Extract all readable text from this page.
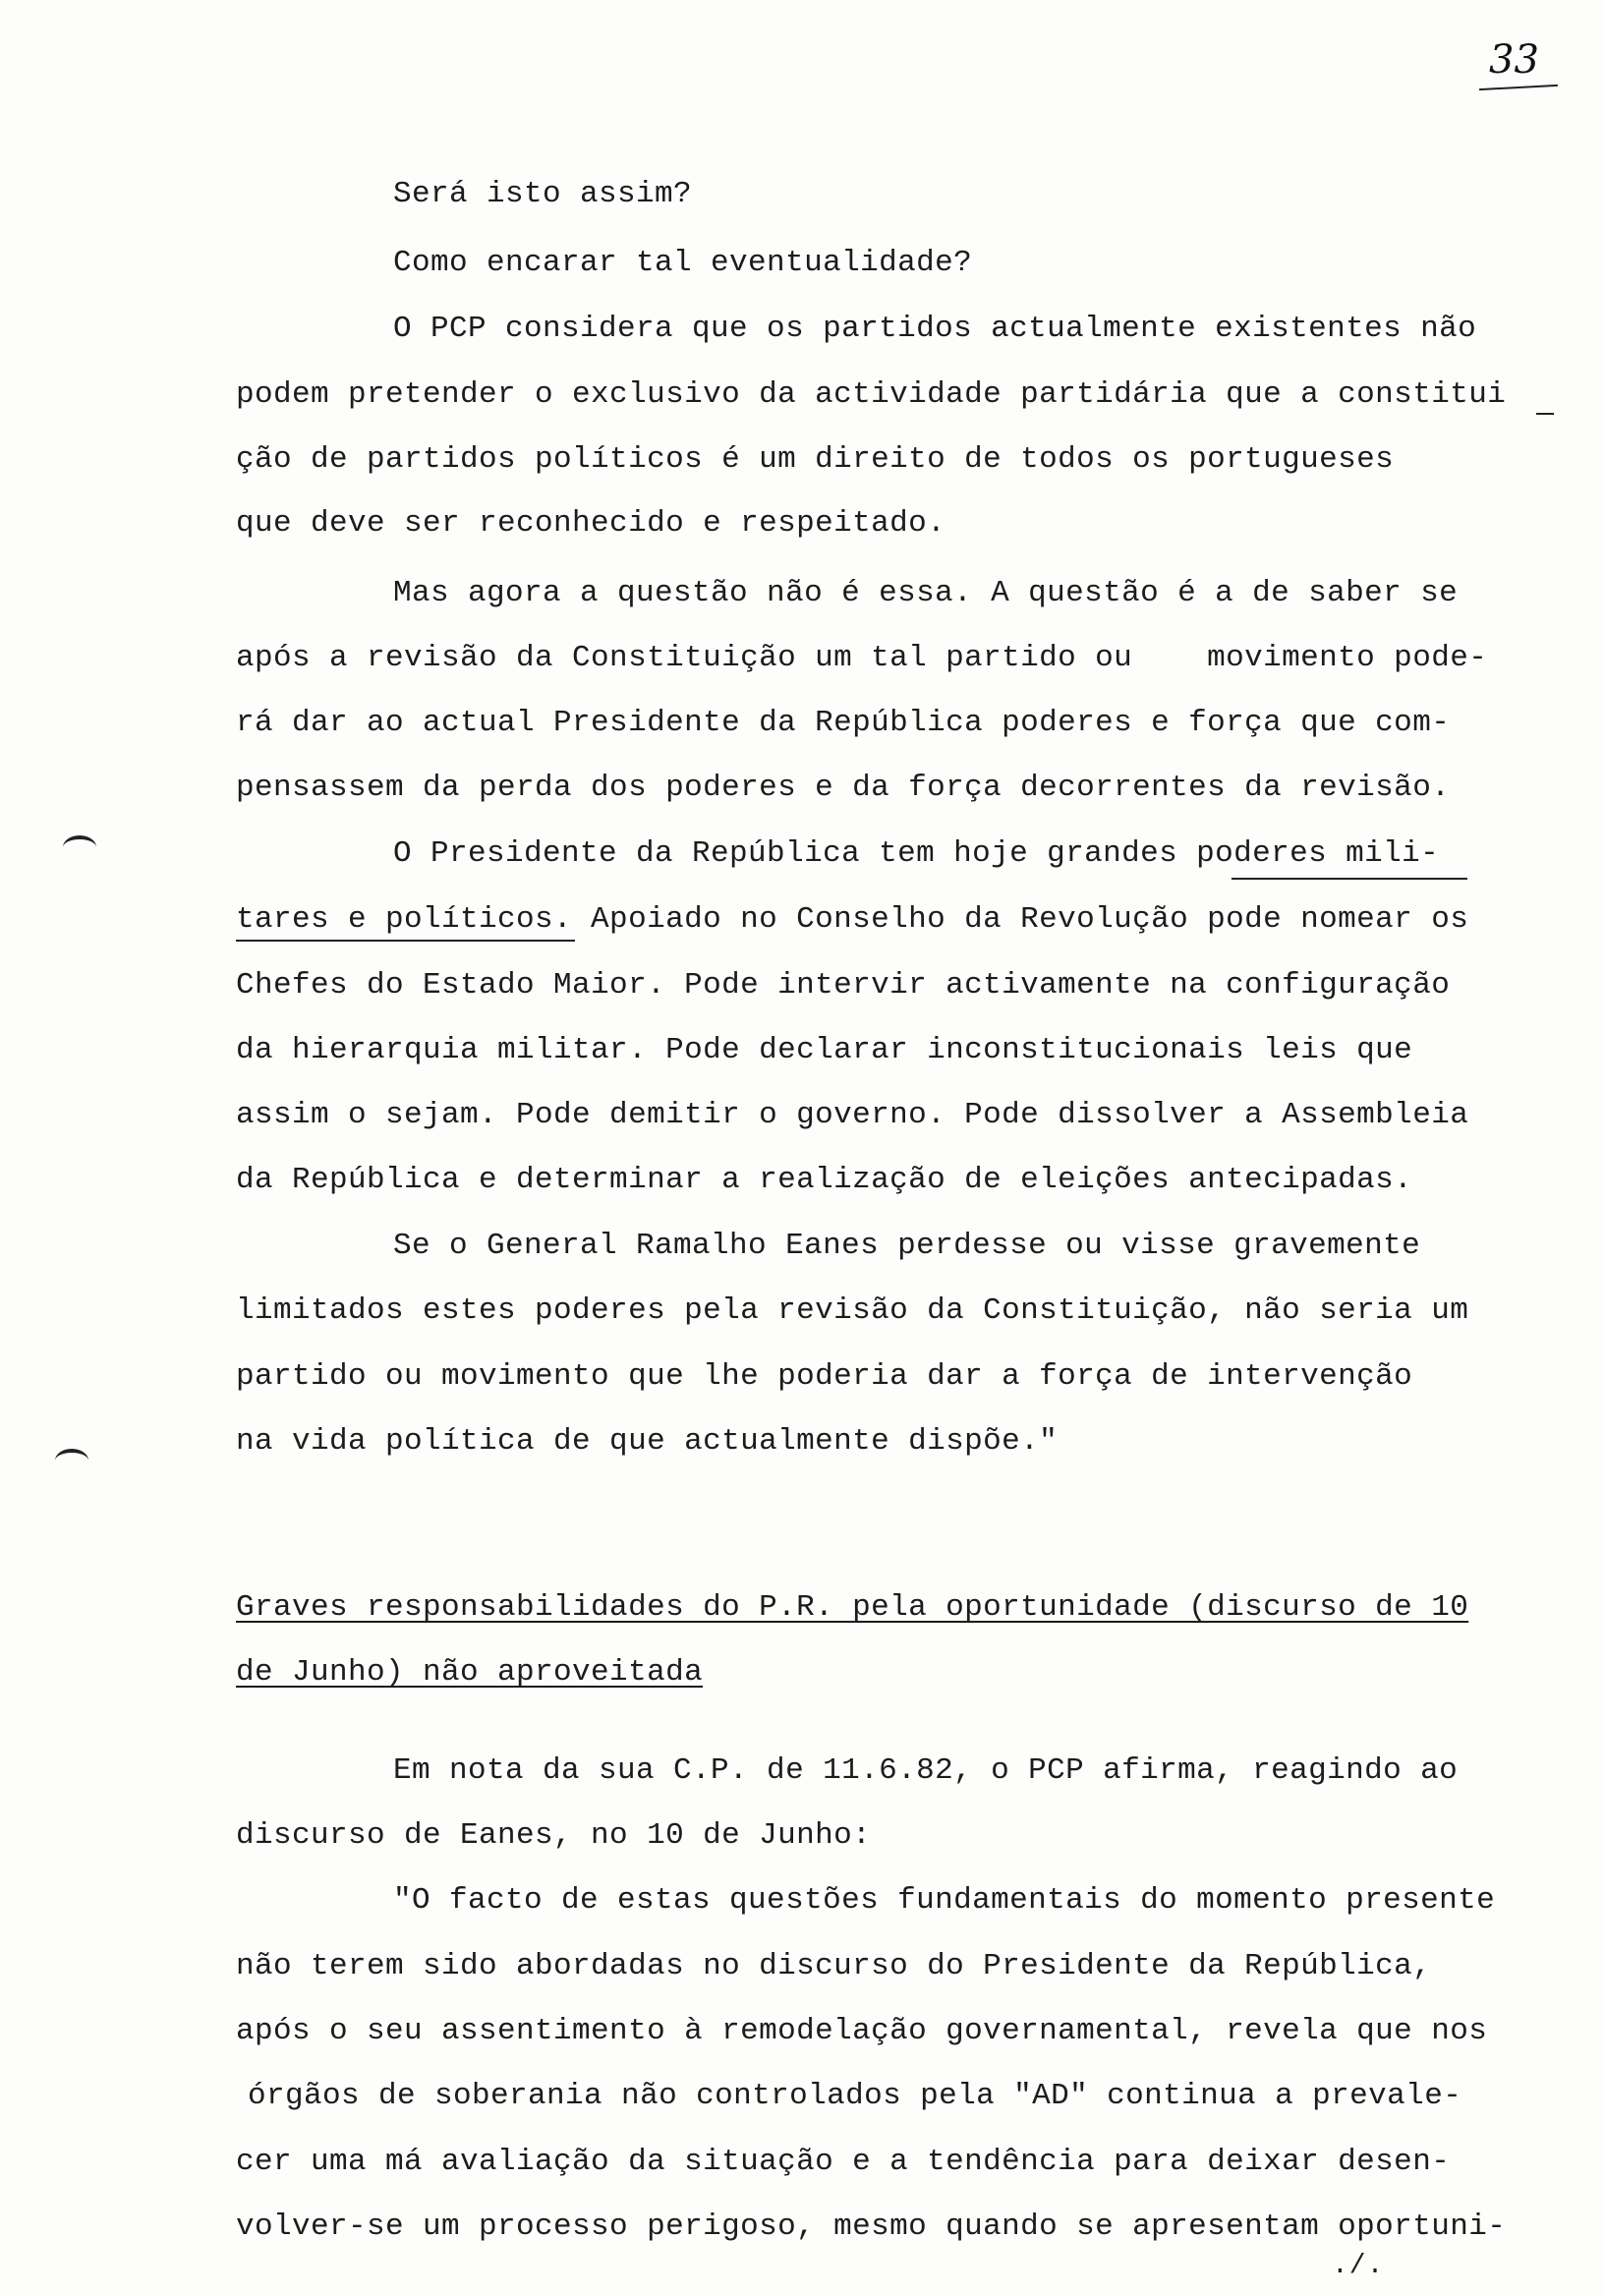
33
Será isto assim?
Como encarar tal eventualidade?
O PCP considera que os partidos actualmente existentes não
podem pretender o exclusivo da actividade partidária que a constitui
ção de partidos políticos é um direito de todos os portugueses
que deve ser reconhecido e respeitado.
Mas agora a questão não é essa. A questão é a de saber se
após a revisão da Constituição um tal partido ou    movimento pode-
rá dar ao actual Presidente da República poderes e força que com-
pensassem da perda dos poderes e da força decorrentes da revisão.
O Presidente da República tem hoje grandes poderes mili-
tares e políticos. Apoiado no Conselho da Revolução pode nomear os
Chefes do Estado Maior. Pode intervir activamente na configuração
da hierarquia militar. Pode declarar inconstitucionais leis que
assim o sejam. Pode demitir o governo. Pode dissolver a Assembleia
da República e determinar a realização de eleições antecipadas.
Se o General Ramalho Eanes perdesse ou visse gravemente
limitados estes poderes pela revisão da Constituição, não seria um
partido ou movimento que lhe poderia dar a força de intervenção
na vida política de que actualmente dispõe."
Graves responsabilidades do P.R. pela oportunidade (discurso de 10
de Junho) não aproveitada
Em nota da sua C.P. de 11.6.82, o PCP afirma, reagindo ao
discurso de Eanes, no 10 de Junho:
"O facto de estas questões fundamentais do momento presente
não terem sido abordadas no discurso do Presidente da República,
após o seu assentimento à remodelação governamental, revela que nos
órgãos de soberania não controlados pela "AD" continua a prevale-
cer uma má avaliação da situação e a tendência para deixar desen-
volver-se um processo perigoso, mesmo quando se apresentam oportuni-
./.
